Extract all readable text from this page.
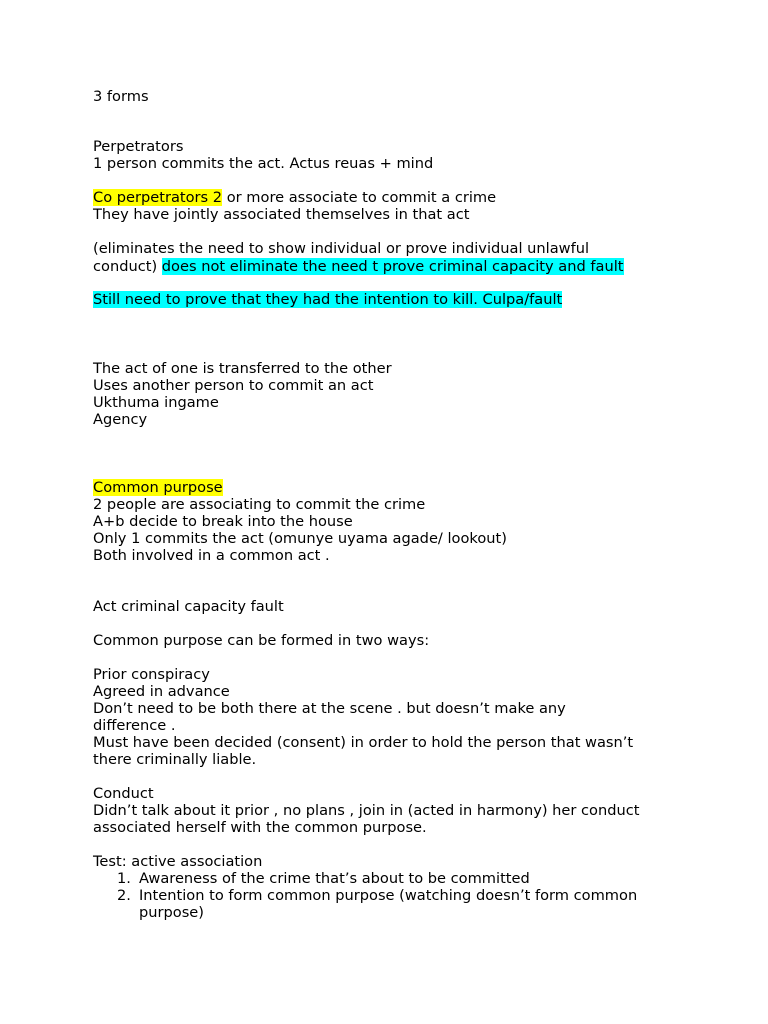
3 forms
Perpetrators
1 person commits the act. Actus reuas + mind
Co perpetrators 2 or more associate to commit a crime
They have jointly associated themselves in that act
(eliminates the need to show individual or prove individual unlawful
conduct) does not eliminate the need t prove criminal capacity and fault
Still need to prove that they had the intention to kill. Culpa/fault
The act of one is transferred to the other
Uses another person to commit an act
Ukthuma ingame
Agency
Common purpose
2 people are associating to commit the crime
A+b decide to break into the house
Only 1 commits the act (omunye uyama agade/ lookout)
Both involved in a common act .
Act criminal capacity fault
Common purpose can be formed in two ways:
Prior conspiracy
Agreed in advance
Don’t need to be both there at the scene . but doesn’t make any
difference .
Must have been decided (consent) in order to hold the person that wasn’t
there criminally liable.
Conduct
Didn’t talk about it prior , no plans , join in (acted in harmony) her conduct
associated herself with the common purpose.
Test: active association
1. Awareness of the crime that’s about to be committed
2. Intention to form common purpose (watching doesn’t form common
purpose)
